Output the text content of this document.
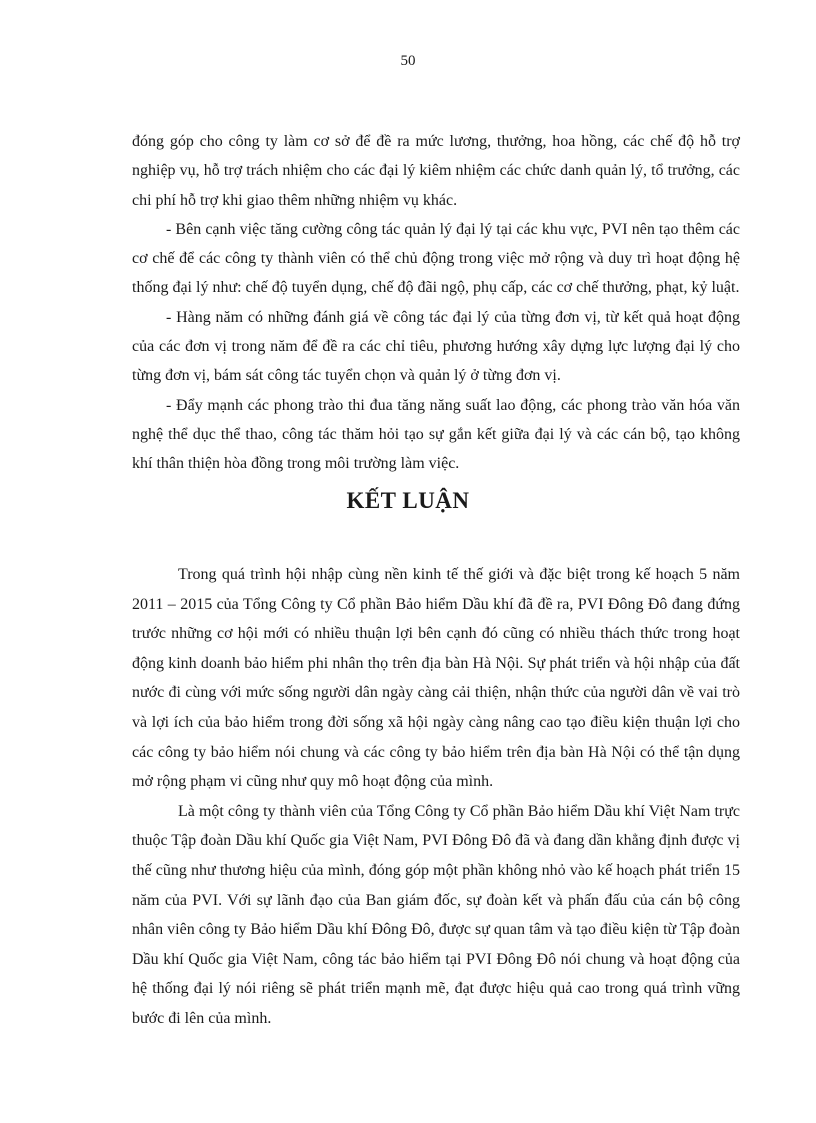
50

đóng góp cho công ty làm cơ sở để đề ra mức lương, thưởng, hoa hồng, các chế độ hỗ trợ nghiệp vụ, hỗ trợ trách nhiệm cho các đại lý kiêm nhiệm các chức danh quản lý, tổ trưởng, các chi phí hỗ trợ khi giao thêm những nhiệm vụ khác.

- Bên cạnh việc tăng cường công tác quản lý đại lý tại các khu vực, PVI nên tạo thêm các cơ chế để các công ty thành viên có thể chủ động trong việc mở rộng và duy trì hoạt động hệ thống đại lý như: chế độ tuyển dụng, chế độ đãi ngộ, phụ cấp, các cơ chế thưởng, phạt, kỷ luật.

- Hàng năm có những đánh giá về công tác đại lý của từng đơn vị, từ kết quả hoạt động của các đơn vị trong năm để đề ra các chỉ tiêu, phương hướng xây dựng lực lượng đại lý cho từng đơn vị, bám sát công tác tuyển chọn và quản lý ở từng đơn vị.

- Đẩy mạnh các phong trào thi đua tăng năng suất lao động, các phong trào văn hóa văn nghệ thể dục thể thao, công tác thăm hỏi tạo sự gắn kết giữa đại lý và các cán bộ, tạo không khí thân thiện hòa đồng trong môi trường làm việc.

KẾT LUẬN

Trong quá trình hội nhập cùng nền kinh tế thế giới và đặc biệt trong kế hoạch 5 năm 2011 – 2015 của Tổng Công ty Cổ phần Bảo hiểm Dầu khí đã đề ra, PVI Đông Đô đang đứng trước những cơ hội mới có nhiều thuận lợi bên cạnh đó cũng có nhiều thách thức trong hoạt động kinh doanh bảo hiểm phi nhân thọ trên địa bàn Hà Nội. Sự phát triển và hội nhập của đất nước đi cùng với mức sống người dân ngày càng cải thiện, nhận thức của người dân về vai trò và lợi ích của bảo hiểm trong đời sống xã hội ngày càng nâng cao tạo điều kiện thuận lợi cho các công ty bảo hiểm nói chung và các công ty bảo hiểm trên địa bàn Hà Nội có thể tận dụng mở rộng phạm vi cũng như quy mô hoạt động của mình.

Là một công ty thành viên của Tổng Công ty Cổ phần Bảo hiểm Dầu khí Việt Nam trực thuộc Tập đoàn Dầu khí Quốc gia Việt Nam, PVI Đông Đô đã và đang dần khẳng định được vị thế cũng như thương hiệu của mình, đóng góp một phần không nhỏ vào kế hoạch phát triển 15 năm của PVI. Với sự lãnh đạo của Ban giám đốc, sự đoàn kết và phấn đấu của cán bộ công nhân viên công ty Bảo hiểm Dầu khí Đông Đô, được sự quan tâm và tạo điều kiện từ Tập đoàn Dầu khí Quốc gia Việt Nam, công tác bảo hiểm tại PVI Đông Đô nói chung và hoạt động của hệ thống đại lý nói riêng sẽ phát triển mạnh mẽ, đạt được hiệu quả cao trong quá trình vững bước đi lên của mình.
